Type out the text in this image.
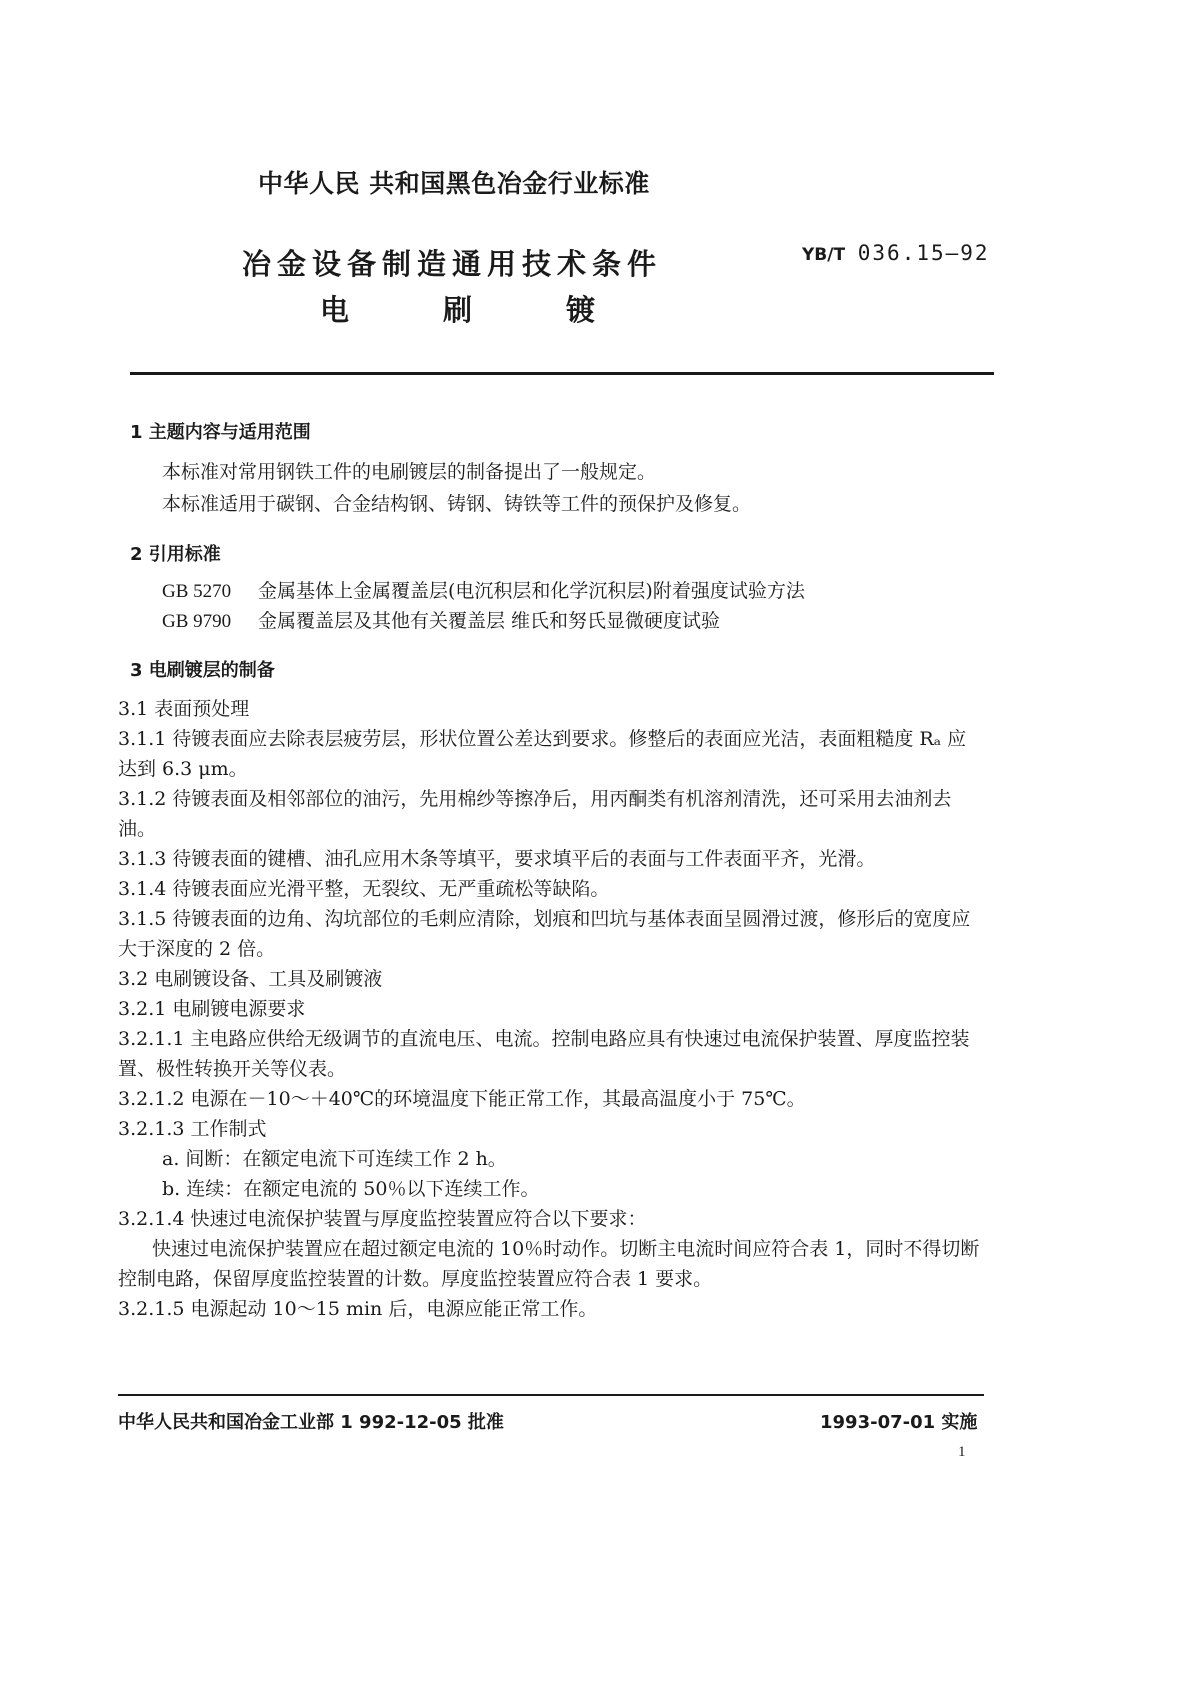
中华人民 共和国黑色冶金行业标准
冶金设备制造通用技术条件
电	刷	镀
YB/T 036.15—92
1 主题内容与适用范围
本标准对常用钢铁工件的电刷镀层的制备提出了一般规定。
本标准适用于碳钢、合金结构钢、铸钢、铸铁等工件的预保护及修复。
2 引用标准
GB 5270 金属基体上金属覆盖层(电沉积层和化学沉积层)附着强度试验方法
GB 9790 金属覆盖层及其他有关覆盖层 维氏和努氏显微硬度试验
3 电刷镀层的制备
3.1 表面预处理
3.1.1 待镀表面应去除表层疲劳层，形状位置公差达到要求。修整后的表面应光洁，表面粗糙度 Rₐ 应
达到 6.3 μm。
3.1.2 待镀表面及相邻部位的油污，先用棉纱等擦净后，用丙酮类有机溶剂清洗，还可采用去油剂去
油。
3.1.3 待镀表面的键槽、油孔应用木条等填平，要求填平后的表面与工件表面平齐，光滑。
3.1.4 待镀表面应光滑平整，无裂纹、无严重疏松等缺陷。
3.1.5 待镀表面的边角、沟坑部位的毛刺应清除，划痕和凹坑与基体表面呈圆滑过渡，修形后的宽度应
大于深度的 2 倍。
3.2 电刷镀设备、工具及刷镀液
3.2.1 电刷镀电源要求
3.2.1.1 主电路应供给无级调节的直流电压、电流。控制电路应具有快速过电流保护装置、厚度监控装
置、极性转换开关等仪表。
3.2.1.2 电源在－10～＋40℃的环境温度下能正常工作，其最高温度小于 75℃。
3.2.1.3 工作制式
a. 间断：在额定电流下可连续工作 2 h。
b. 连续：在额定电流的 50％以下连续工作。
3.2.1.4 快速过电流保护装置与厚度监控装置应符合以下要求：
快速过电流保护装置应在超过额定电流的 10％时动作。切断主电流时间应符合表 1，同时不得切断
控制电路，保留厚度监控装置的计数。厚度监控装置应符合表 1 要求。
3.2.1.5 电源起动 10～15 min 后，电源应能正常工作。
中华人民共和国冶金工业部 1 992-12-05 批准	1993-07-01 实施
1
